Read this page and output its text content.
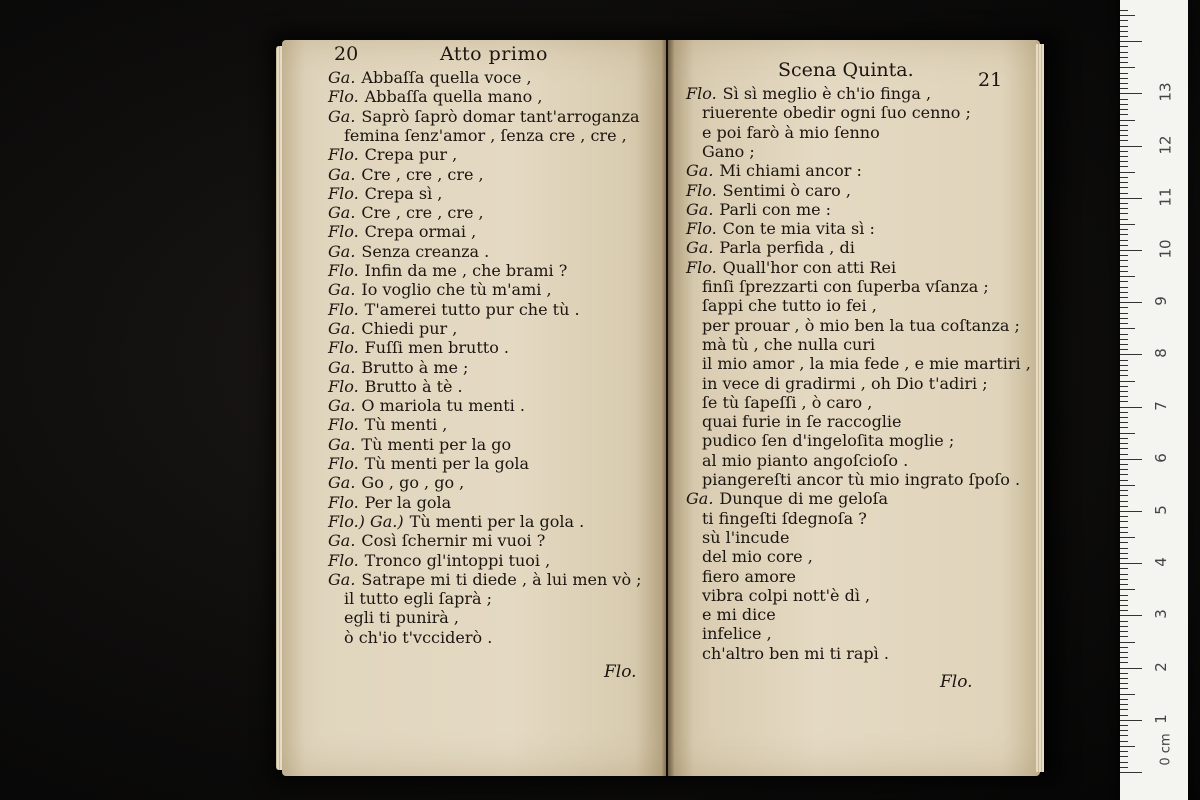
20	Atto primo
Ga. Abbaſſa quella voce ,
Flo. Abbaſſa quella mano ,
Ga. Saprò ſaprò domar tant'arroganza
femina ſenz'amor , ſenza cre , cre ,
Flo. Crepa pur ,
Ga. Cre , cre , cre ,
Flo. Crepa sì ,
Ga. Cre , cre , cre ,
Flo. Crepa ormai ,
Ga. Senza creanza .
Flo. Infin da me , che brami ?
Ga. Io voglio che tù m'ami ,
Flo. T'amerei tutto pur che tù .
Ga. Chiedi pur ,
Flo. Fuſſi men brutto .
Ga. Brutto à me ;
Flo. Brutto à tè .
Ga. O mariola tu menti .
Flo. Tù menti ,
Ga. Tù menti per la go
Flo. Tù menti per la gola
Ga. Go , go , go ,
Flo. Per la gola
Flo.) Ga.) Tù menti per la gola .
Ga. Così ſchernir mi vuoi ?
Flo. Tronco gl'intoppi tuoi ,
Ga. Satrape mi ti diede , à lui men vò ;
il tutto egli ſaprà ;
egli ti punirà ,
ò ch'io t'vcciderò .
Flo.
Scena Quinta.	21
Flo. Sì sì meglio è ch'io finga ,
riuerente obedir ogni ſuo cenno ;
e poi farò à mio ſenno
Gano ;
Ga. Mi chiami ancor :
Flo. Sentimi ò caro ,
Ga. Parli con me :
Flo. Con te mia vita sì :
Ga. Parla perfida , di
Flo. Quall'hor con atti Rei
finſi ſprezzarti con ſuperba vſanza ;
ſappi che tutto io fei ,
per prouar , ò mio ben la tua coſtanza ;
mà tù , che nulla curi
il mio amor , la mia fede , e mie martiri ,
in vece di gradirmi , oh Dio t'adiri ;
ſe tù ſapeſſi , ò caro ,
quai furie in ſe raccoglie
pudico ſen d'ingeloſita moglie ;
al mio pianto angoſcioſo .
piangereſti ancor tù mio ingrato ſpoſo .
Ga. Dunque di me geloſa
ti fingeſti ſdegnoſa ?
sù l'incude
del mio core ,
fiero amore
vibra colpi nott'è dì ,
e mi dice
infelice ,
ch'altro ben mi ti rapì .
Flo.
13
12
11
10
9
8
7
6
5
4
3
2
1
0 cm
